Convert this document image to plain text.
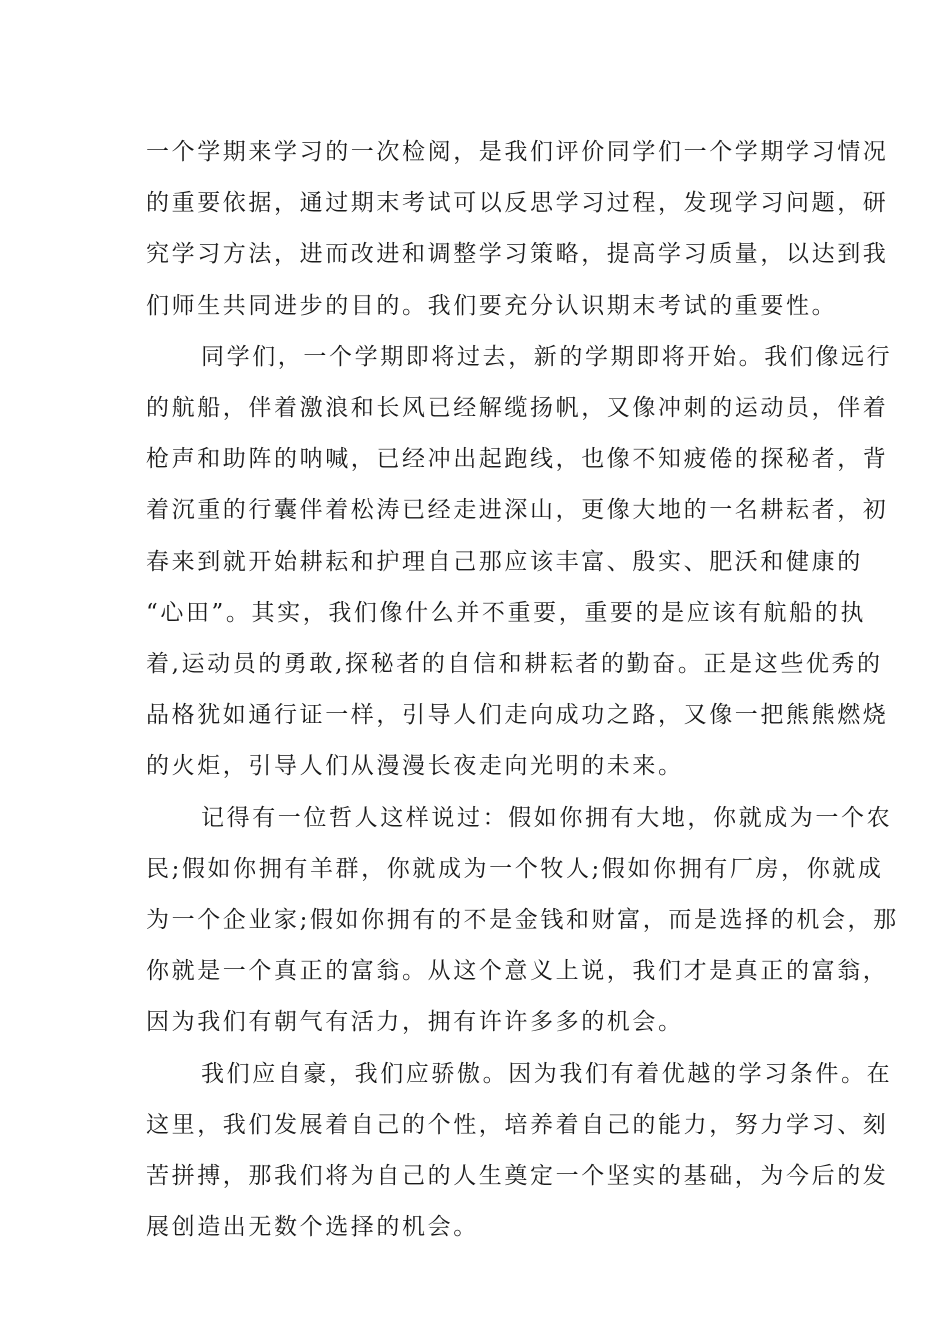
一个学期来学习的一次检阅，是我们评价同学们一个学期学习情况
的重要依据，通过期末考试可以反思学习过程，发现学习问题，研
究学习方法，进而改进和调整学习策略，提高学习质量，以达到我
们师生共同进步的目的。我们要充分认识期末考试的重要性。

同学们，一个学期即将过去，新的学期即将开始。我们像远行
的航船，伴着激浪和长风已经解缆扬帆，又像冲刺的运动员，伴着
枪声和助阵的呐喊，已经冲出起跑线，也像不知疲倦的探秘者，背
着沉重的行囊伴着松涛已经走进深山，更像大地的一名耕耘者，初
春来到就开始耕耘和护理自己那应该丰富、殷实、肥沃和健康的
“心田”。其实，我们像什么并不重要，重要的是应该有航船的执
着,运动员的勇敢,探秘者的自信和耕耘者的勤奋。正是这些优秀的
品格犹如通行证一样，引导人们走向成功之路，又像一把熊熊燃烧
的火炬，引导人们从漫漫长夜走向光明的未来。

记得有一位哲人这样说过：假如你拥有大地，你就成为一个农
民;假如你拥有羊群，你就成为一个牧人;假如你拥有厂房，你就成
为一个企业家;假如你拥有的不是金钱和财富，而是选择的机会，那
你就是一个真正的富翁。从这个意义上说，我们才是真正的富翁，
因为我们有朝气有活力，拥有许许多多的机会。

我们应自豪，我们应骄傲。因为我们有着优越的学习条件。在
这里，我们发展着自己的个性，培养着自己的能力，努力学习、刻
苦拼搏，那我们将为自己的人生奠定一个坚实的基础，为今后的发
展创造出无数个选择的机会。
